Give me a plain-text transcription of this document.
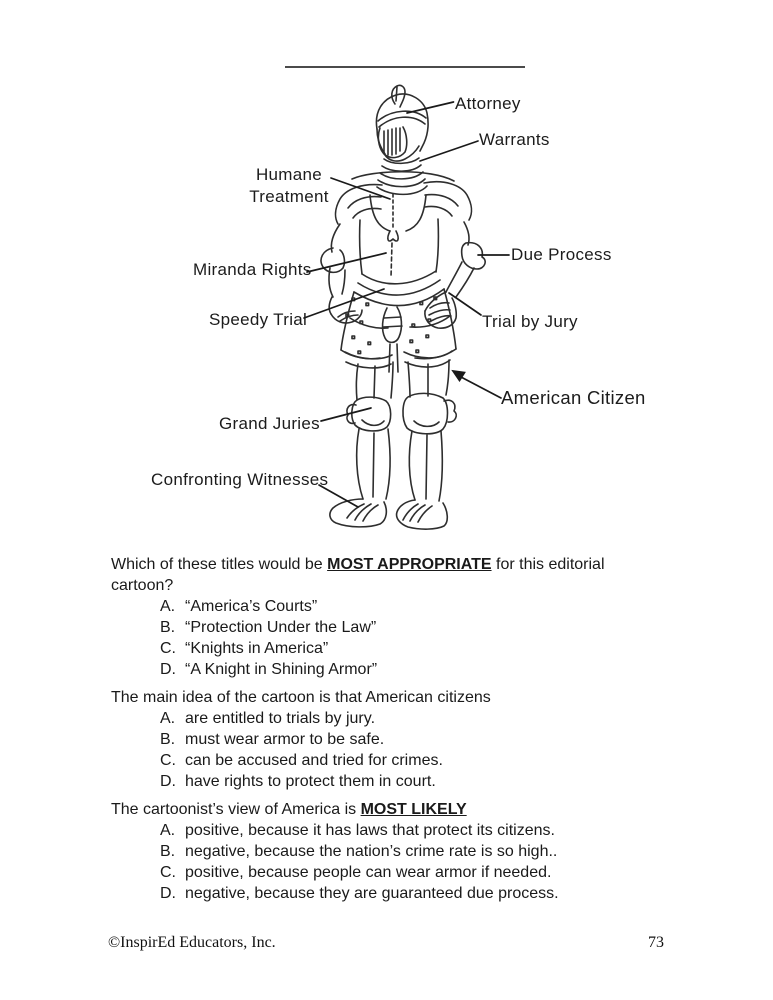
Attorney
Warrants
Humane
Treatment
Miranda Rights
Speedy Trial
Due Process
Trial by Jury
American Citizen
Grand Juries
Confronting Witnesses

Which of these titles would be MOST APPROPRIATE for this editorial
cartoon?

A. “America’s Courts”
B. “Protection Under the Law”
C. “Knights in America”
D. “A Knight in Shining Armor”

The main idea of the cartoon is that American citizens

A. are entitled to trials by jury.
B. must wear armor to be safe.
C. can be accused and tried for crimes.
D. have rights to protect them in court.

The cartoonist’s view of America is MOST LIKELY

A. positive, because it has laws that protect its citizens.
B. negative, because the nation’s crime rate is so high..
C. positive, because people can wear armor if needed.
D. negative, because they are guaranteed due process.
©InspirEd Educators, Inc.	73
